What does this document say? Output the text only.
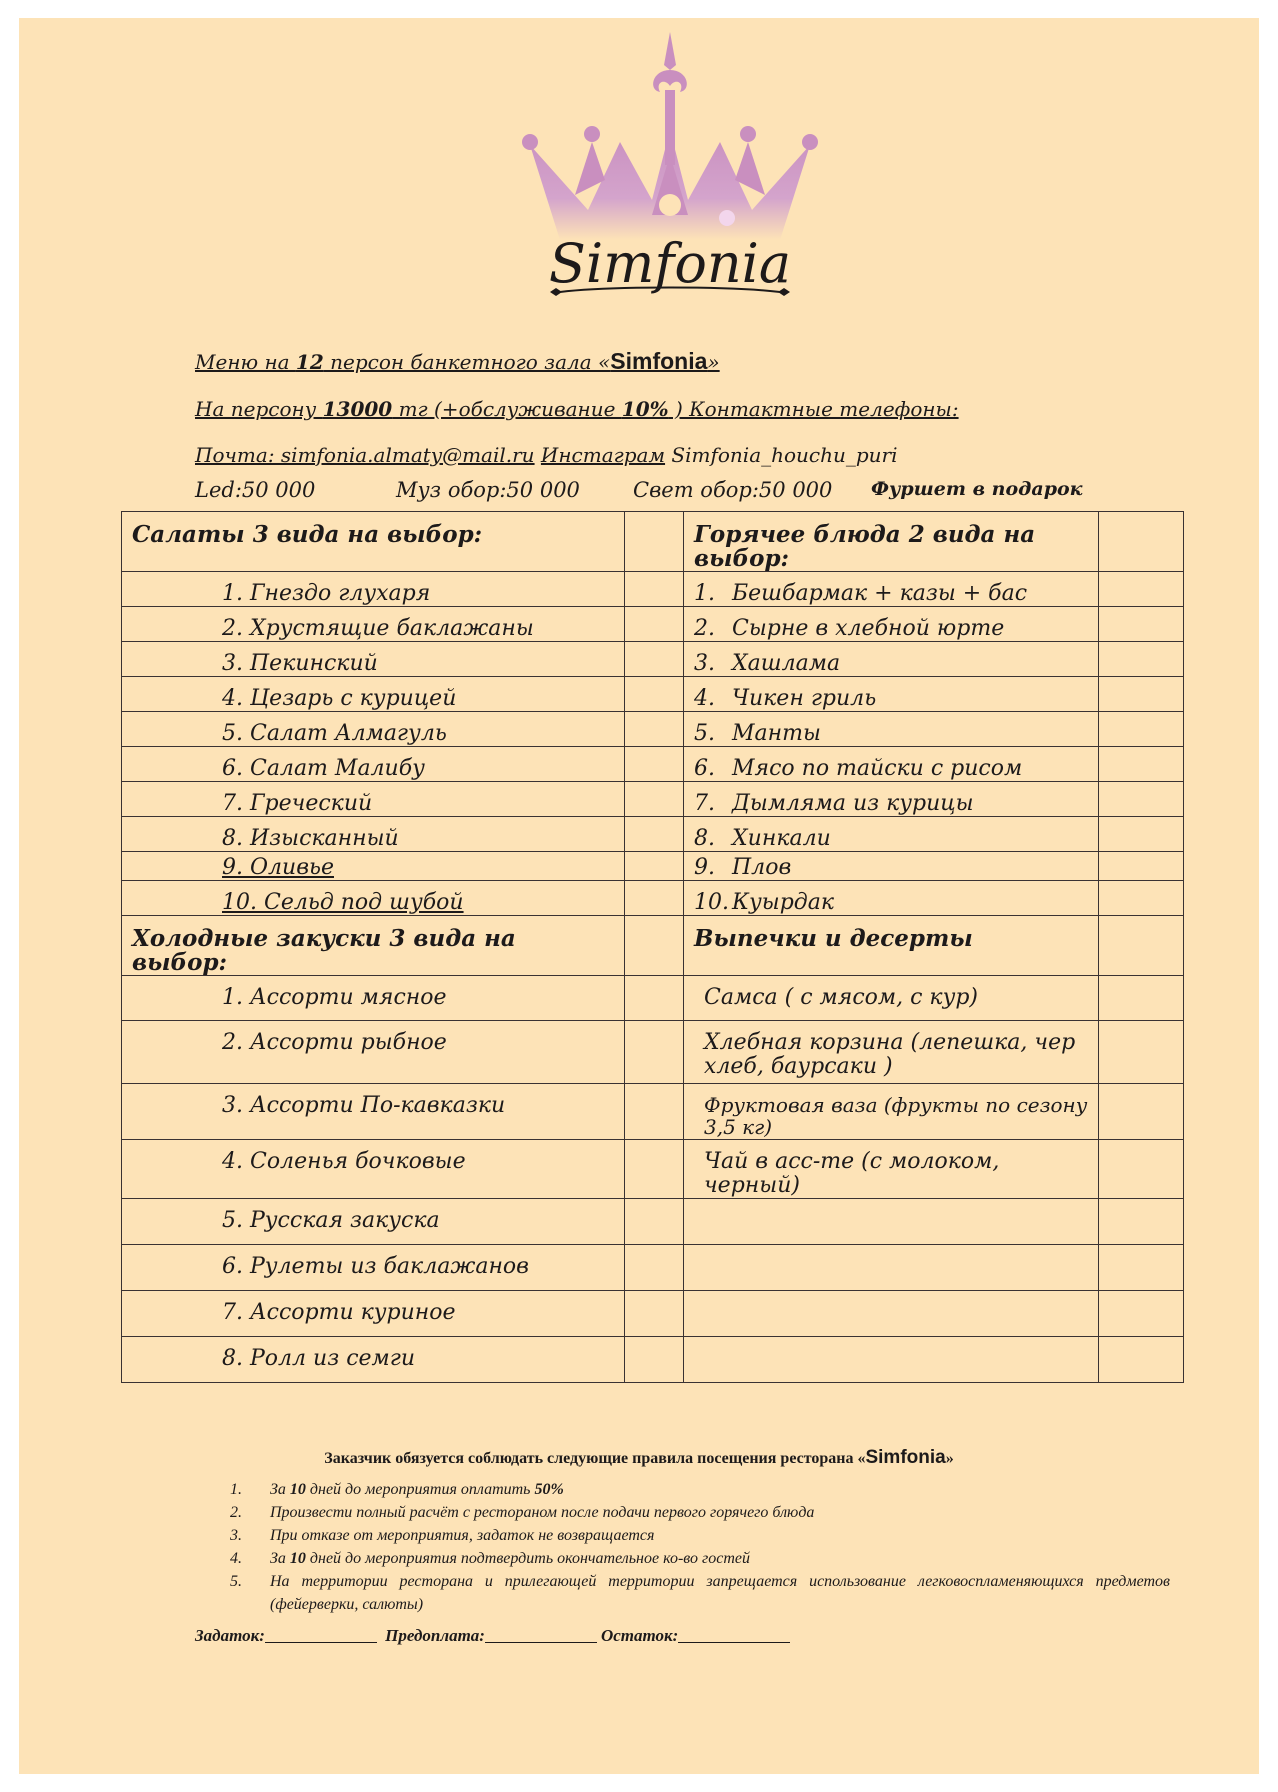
Simfonia
Меню на 12 персон банкетного зала «Simfonia»
На персону 13000 тг (+обслуживание 10% ) Контактные телефоны:
Почта: simfonia.almaty@mail.ru Инстаграм Simfonia_houchu_puri
Led:50 000	Муз обор:50 000	Свет обор:50 000 Фуршет в подарок
Салаты 3 вида на выбор:		Горячее блюда 2 вида на выбор:	

1. Гнездо глухаря		1. Бешбармак + казы + бас	

2. Хрустящие баклажаны		2. Сырне в хлебной юрте	

3. Пекинский		3. Хашлама	

4. Цезарь с курицей		4. Чикен гриль	

5. Салат Алмагуль		5. Манты	

6. Салат Малибу		6. Мясо по тайски с рисом	

7. Греческий		7. Дымляма из курицы	

8. Изысканный		8. Хинкали	

9. Оливье		9. Плов	

10. Сельд под шубой		10. Куырдак	

Холодные закуски 3 вида на выбор:		Выпечки и десерты	

1. Ассорти мясное		Самса ( с мясом, с кур)	

2. Ассорти рыбное		Хлебная корзина (лепешка, чер хлеб, баурсаки )	

3. Ассорти По-кавказки		Фруктовая ваза (фрукты по сезону 3,5 кг)	

4. Соленья бочковые		Чай в асс-те (с молоком, черный)	

5. Русская закуска			

6. Рулеты из баклажанов			

7. Ассорти куриное			

8. Ролл из семги			

Заказчик обязуется соблюдать следующие правила посещения ресторана «Simfonia»
1. За 10 дней до мероприятия оплатить 50%
2. Произвести полный расчёт с рестораном после подачи первого горячего блюда
3. При отказе от мероприятия, задаток не возвращается
4. За 10 дней до мероприятия подтвердить окончательное ко-во гостей
5. На территории ресторана и прилегающей территории запрещается использование легковоспламеняющихся предметов (фейерверки, салюты)
Задаток:	Предоплата:	Остаток:
